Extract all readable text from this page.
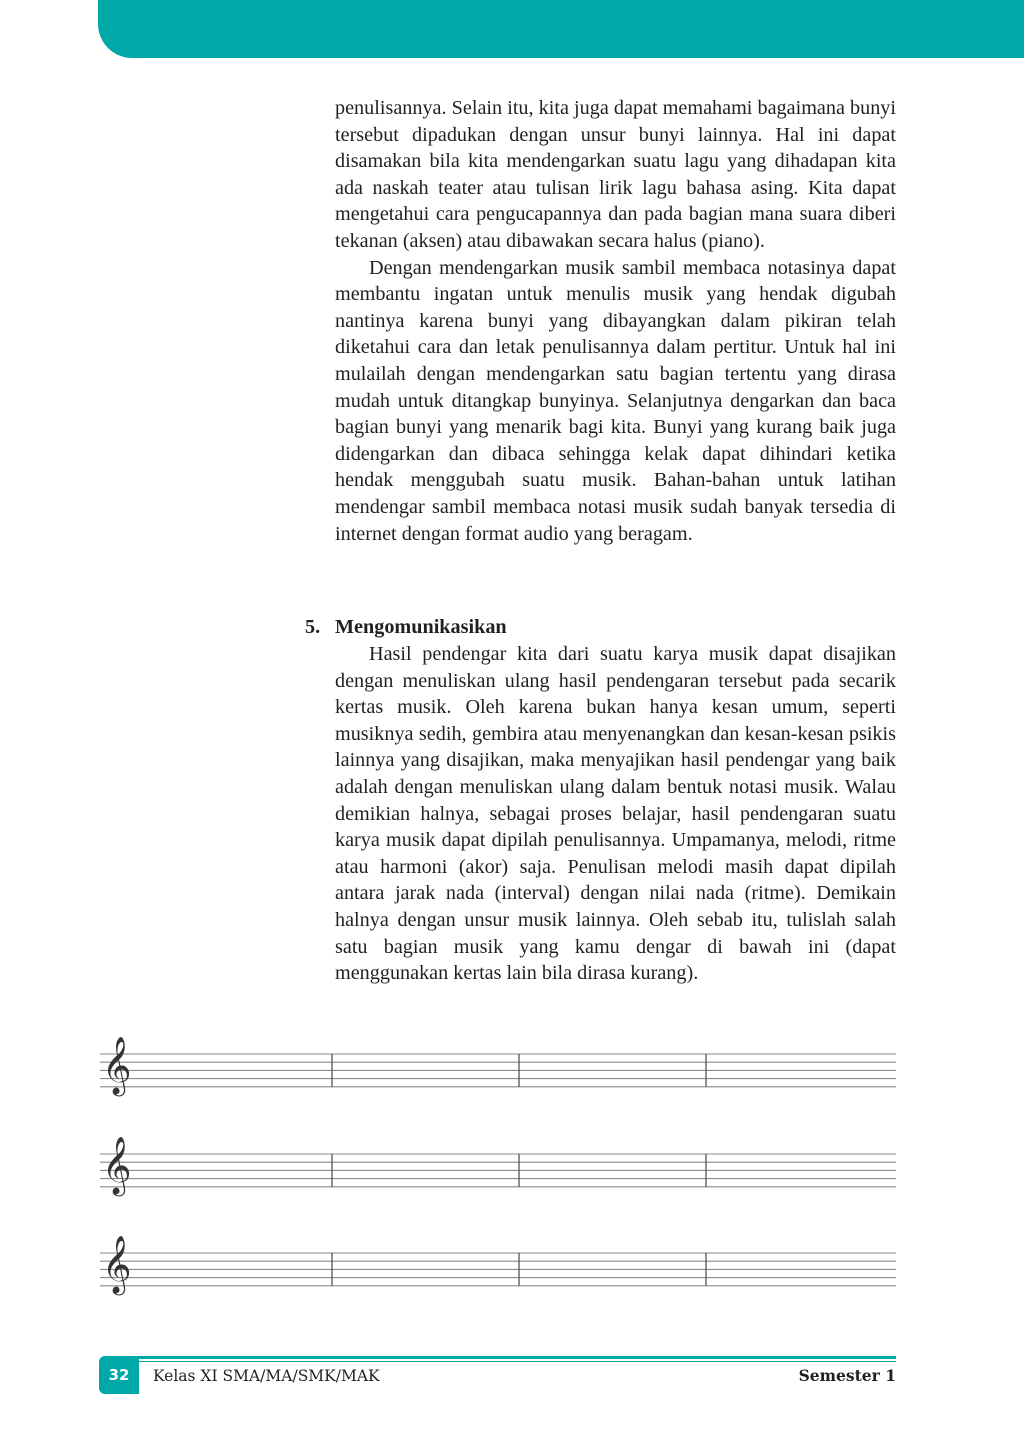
penulisannya. Selain itu, kita juga dapat memahami bagaimana bunyi tersebut dipadukan dengan unsur bunyi lainnya. Hal ini dapat disamakan bila kita mendengarkan suatu lagu yang dihadapan kita ada naskah teater atau tulisan lirik lagu bahasa asing. Kita dapat mengetahui cara pengucapannya dan pada bagian mana suara diberi tekanan (aksen) atau dibawakan secara halus (piano).

Dengan mendengarkan musik sambil membaca notasinya dapat membantu ingatan untuk menulis musik yang hendak digubah nantinya karena bunyi yang dibayangkan dalam pikiran telah diketahui cara dan letak penulisannya dalam pertitur. Untuk hal ini mulailah dengan mendengarkan satu bagian tertentu yang dirasa mudah untuk ditangkap bunyinya. Selanjutnya dengarkan dan baca bagian bunyi yang menarik bagi kita. Bunyi yang kurang baik juga didengarkan dan dibaca sehingga kelak dapat dihindari ketika hendak menggubah suatu musik. Bahan-bahan untuk latihan mendengar sambil membaca notasi musik sudah banyak tersedia di internet dengan format audio yang beragam.

5. Mengomunikasikan

Hasil pendengar kita dari suatu karya musik dapat disajikan dengan menuliskan ulang hasil pendengaran tersebut pada secarik kertas musik. Oleh karena bukan hanya kesan umum, seperti musiknya sedih, gembira atau menyenangkan dan kesan-kesan psikis lainnya yang disajikan, maka menyajikan hasil pendengar yang baik adalah dengan menuliskan ulang dalam bentuk notasi musik. Walau demikian halnya, sebagai proses belajar, hasil pendengaran suatu karya musik dapat dipilah penulisannya. Umpamanya, melodi, ritme atau harmoni (akor) saja. Penulisan melodi masih dapat dipilah antara jarak nada (interval) dengan nilai nada (ritme). Demikain halnya dengan unsur musik lainnya. Oleh sebab itu, tulislah salah satu bagian musik yang kamu dengar di bawah ini (dapat menggunakan kertas lain bila dirasa kurang).

𝄞
𝄞
𝄞
32	Kelas XI SMA/MA/SMK/MAK	Semester 1
